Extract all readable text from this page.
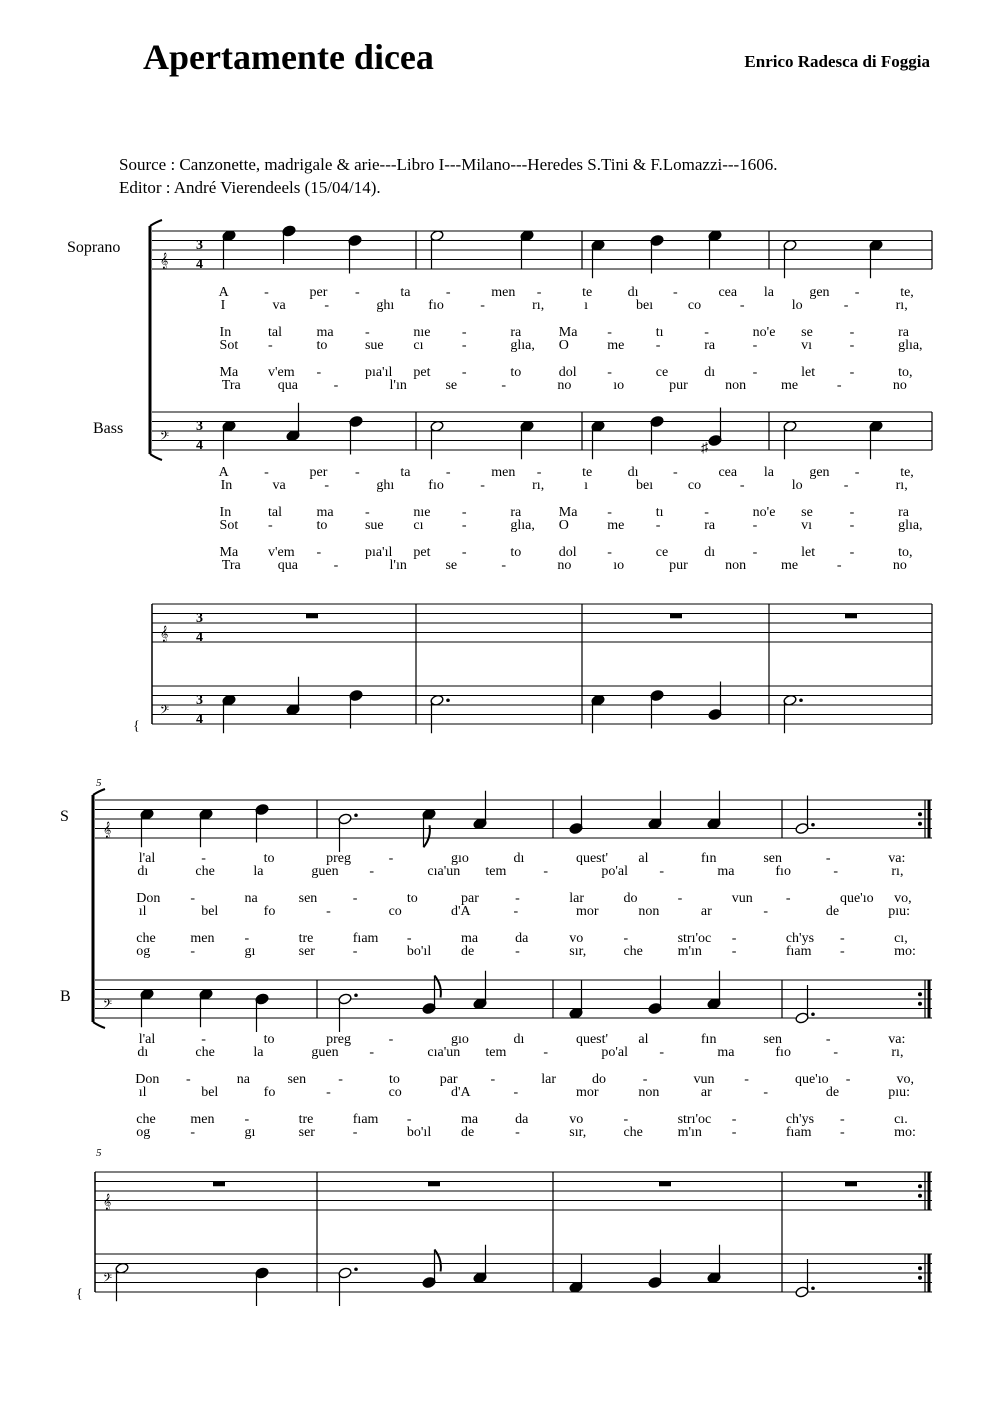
Apertamente dicea	Enrico Radesca di Foggia
Source : Canzonette, madrigale & arie---Libro I---Milano---Heredes S.Tini & F.Lomazzi---1606.
Editor : André Vierendeels (15/04/14).
Soprano
Bass
S
B
5
5
{
𝄞
3
4
𝄢
3
4
𝄞
3
4
𝄢
3
4
♯
A	-	per -	ta	-	men -	te	dı -	cea la	gen -	te,
I	va	-	ghı fıo	-	rı,	ı	beı co	-	lo	-	rı,
In	tal ma -	nıe -	ra	Ma -	tı	-	no'e se	-	ra
Sot -	to	sue cı	-	glıa, O	me -	ra	-	vı	-	glıa,
Ma v'em -	pıa'ıl pet -	to	dol -	ce	dı	-	let -	to,
Tra	qua	-	l'ın	se	-	no	ıo	pur	non me	-	no
A	-	per -	ta	-	men -	te	dı -	cea la	gen -	te,
In	va	-	ghı fıo	-	rı,	ı	beı co	-	lo	-	rı,
In	tal ma -	nıe -	ra	Ma -	tı	-	no'e se	-	ra
Sot -	to	sue cı	-	glıa, O	me -	ra	-	vı	-	glıa,
Ma v'em -	pıa'ıl pet -	to	dol -	ce	dı	-	let -	to,
Tra	qua	-	l'ın	se	-	no	ıo	pur	non me	-	no
{
𝄞
𝄢
𝄞
𝄢
l'al	-	to	preg	-	gıo	dı	quest' al	fın	sen	-	va:
dı	che	la	guen -	cıa'un tem	-	po'al -	ma	fıo	-	rı,
Don -	na	sen	-	to	par	-	lar	do	-	vun -	que'ıo vo,
ıl	bel	fo	-	co	d'A	-	mor	non	ar	-	de	pıu:
che men -	tre	fıam -	ma	da	vo	-	strı'oc -	ch'ys -	cı,
og	-	gı	ser	-	bo'ıl de	-	sır,	che m'ın -	fıam -	mo:
l'al	-	to	preg	-	gıo	dı	quest' al	fın	sen	-	va:
dı	che	la	guen -	cıa'un tem	-	po'al -	ma	fıo	-	rı,
Don -	na	sen -	to	par -	lar	do	-	vun -	que'ıo -	vo,
ıl	bel	fo	-	co	d'A	-	mor	non	ar	-	de	pıu:
che men -	tre	fıam -	ma	da	vo	-	strı'oc -	ch'ys -	cı.
og	-	gı	ser	-	bo'ıl de	-	sır,	che m'ın -	fıam -	mo:
